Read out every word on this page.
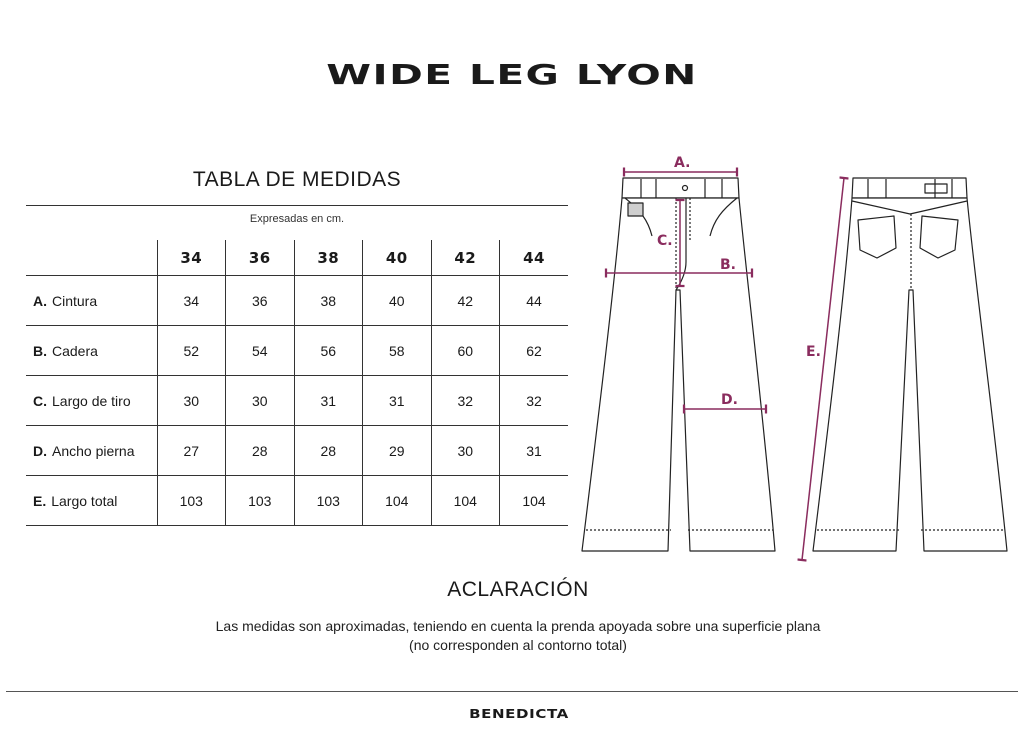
WIDE LEG LYON
TABLA DE MEDIDAS
Expresadas en cm.
	34	36	38	40	42	44
A. Cintura	34	36	38	40	42	44
B. Cadera	52	54	56	58	60	62
C. Largo de tiro	30	30	31	31	32	32
D. Ancho pierna	27	28	28	29	30	31
E. Largo total	103	103	103	104	104	104
A.
B.
C.
D.
E.
ACLARACIÓN
Las medidas son aproximadas, teniendo en cuenta la prenda apoyada sobre una superficie plana
(no corresponden al contorno total)
BENEDICTA
